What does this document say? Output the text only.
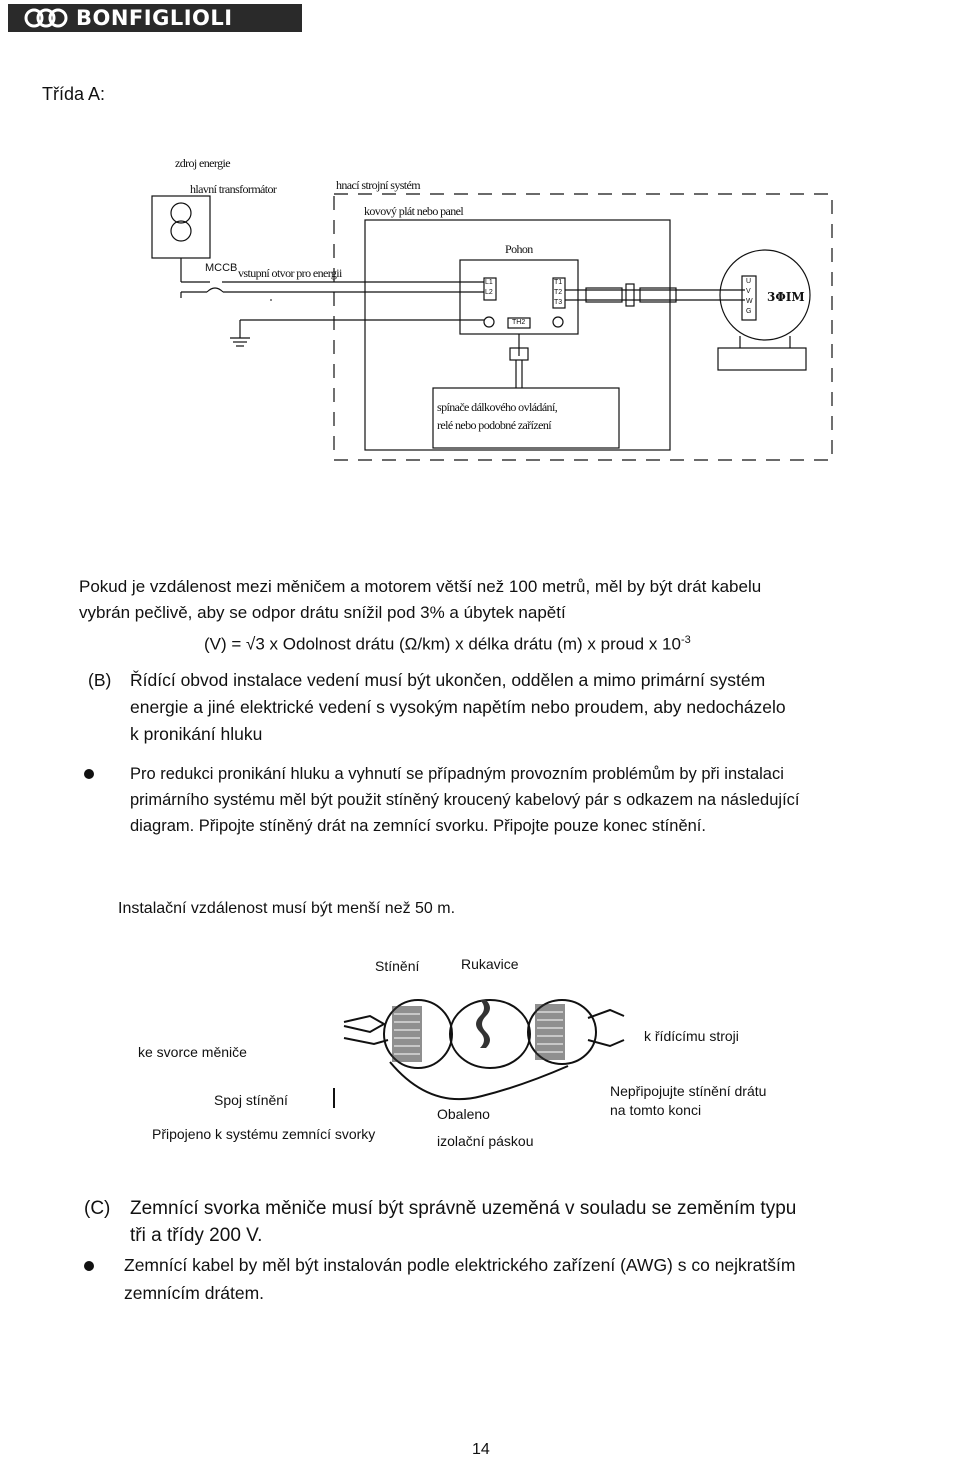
BONFIGLIOLI
Třída A:
zdroj energie
hlavní transformátor	hnací strojní systém
kovový plát nebo panel
Pohon
MCCB vstupní otvor pro energii
L1
L2
T1
T2
T3
TH2
U
V
W
G
3ΦIM
spínače dálkového ovládání,
relé nebo podobné zařízení
Pokud je vzdálenost mezi měničem a motorem větší než 100 metrů, měl by být drát kabelu
vybrán pečlivě, aby se odpor drátu snížil pod 3% a úbytek napětí
(V) = √3 x Odolnost drátu (Ω/km) x délka drátu (m) x proud x $10^{-3}$
(B) Řídící obvod instalace vedení musí být ukončen, oddělen a mimo primární systém
energie a jiné elektrické vedení s vysokým napětím nebo proudem, aby nedocházelo
k pronikání hluku
Pro redukci pronikání hluku a vyhnutí se případným provozním problémům by při instalaci
primárního systému měl být použit stíněný kroucený kabelový pár s odkazem na následující
diagram. Připojte stíněný drát na zemnící svorku. Připojte pouze konec stínění.
Instalační vzdálenost musí být menší než 50 m.
Stínění	Rukavice
ke svorce měniče
k řídícímu stroji
Spoj stínění
Připojeno k systému zemnící svorky
Obaleno
izolační páskou
Nepřipojujte stínění drátu
na tomto konci
(C) Zemnící svorka měniče musí být správně uzeměná v souladu se zeměním typu
tři a třídy 200 V.
Zemnící kabel by měl být instalován podle elektrického zařízení (AWG) s co nejkratším
zemnícím drátem.
14
